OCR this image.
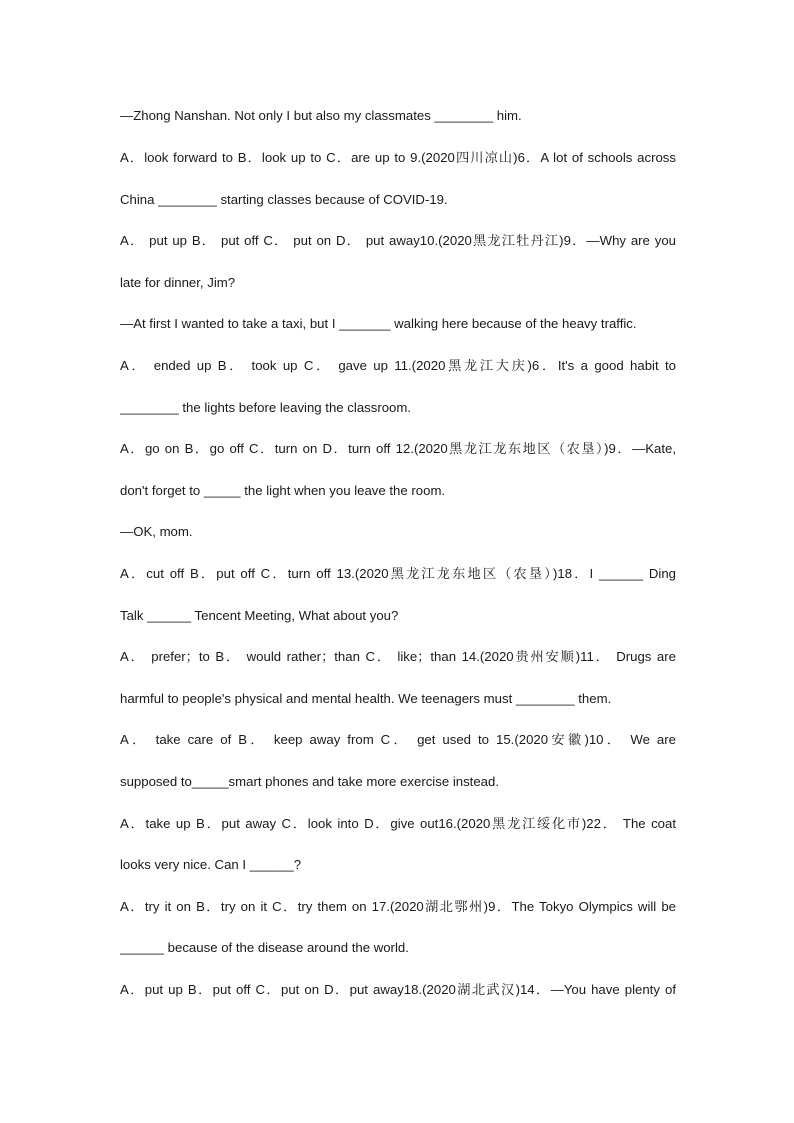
—Zhong Nanshan. Not only I but also my classmates ________ him.
A．look forward to B．look up to C．are up to 9.(2020四川凉山)6．A lot of schools across
China ________ starting classes because of COVID-19.
A． put up B． put off C． put on D． put away10.(2020黑龙江牡丹江)9．—Why are you
late for dinner, Jim?
—At first I wanted to take a taxi, but I _______ walking here because of the heavy traffic.
A． ended up B． took up C． gave up 11.(2020黑龙江大庆)6．It's a good habit to
________ the lights before leaving the classroom.
A．go on B．go off C．turn on D．turn off 12.(2020黑龙江龙东地区（农垦）)9．—Kate,
don't forget to _____ the light when you leave the room.
—OK, mom.
A．cut off B．put off C．turn off 13.(2020黑龙江龙东地区（农垦）)18．I ______ Ding
Talk ______ Tencent Meeting, What about you?
A． prefer；to B． would rather；than C． like；than 14.(2020贵州安顺)11． Drugs are
harmful to people's physical and mental health. We teenagers must ________ them.
A． take care of B． keep away from C． get used to 15.(2020安徽)10． We are
supposed to_____smart phones and take more exercise instead.
A．take up B．put away C．look into D．give out16.(2020黑龙江绥化市)22． The coat
looks very nice. Can I ______?
A．try it on B．try on it C．try them on 17.(2020湖北鄂州)9．The Tokyo Olympics will be
______ because of the disease around the world.
A．put up B．put off C．put on D．put away18.(2020湖北武汉)14．—You have plenty of
